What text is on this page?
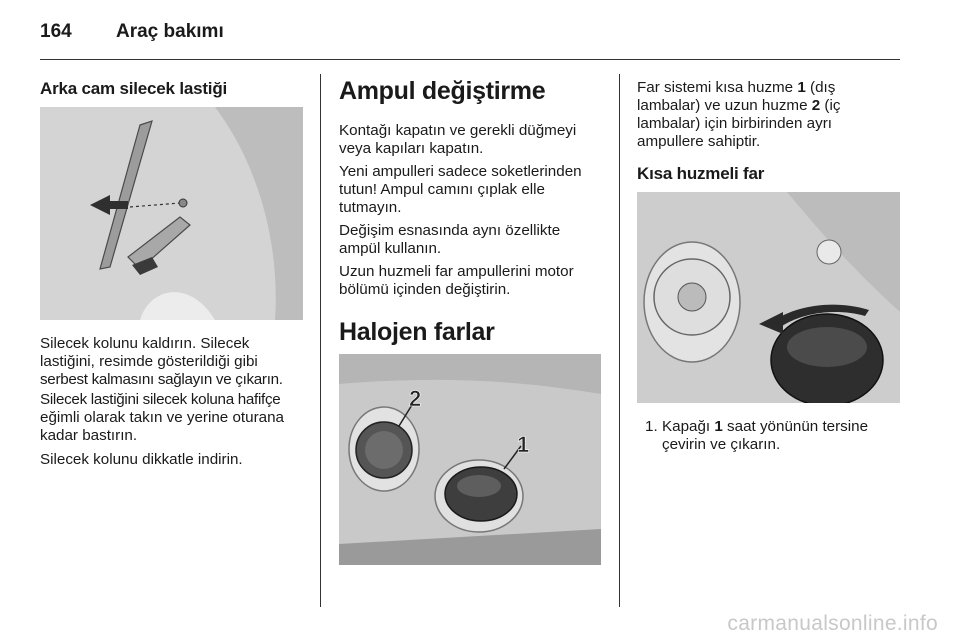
164 Araç bakımı
Arka cam silecek lastiği
Silecek kolunu kaldırın. Silecek
lastiğini, resimde gösterildiği gibi
serbest kalmasını sağlayın ve çıkarın.
Silecek lastiğini silecek koluna hafifçe
eğimli olarak takın ve yerine oturana
kadar bastırın.
Silecek kolunu dikkatle indirin.
Ampul değiştirme
Kontağı kapatın ve gerekli düğmeyi
veya kapıları kapatın.
Yeni ampulleri sadece soketlerinden
tutun! Ampul camını çıplak elle
tutmayın.
Değişim esnasında aynı özellikte
ampül kullanın.
Uzun huzmeli far ampullerini motor
bölümü içinden değiştirin.
Halojen farlar
2
1
Far sistemi kısa huzme 1 (dış
lambalar) ve uzun huzme 2 (iç
lambalar) için birbirinden ayrı
ampullere sahiptir.
Kısa huzmeli far
1. Kapağı 1 saat yönünün tersine
çevirin ve çıkarın.
carmanualsonline.info
